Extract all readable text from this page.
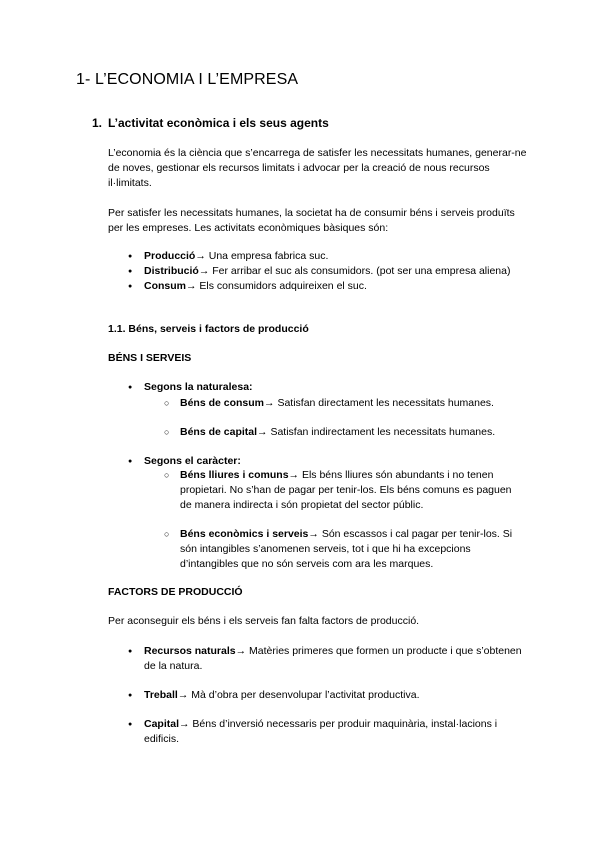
1- L’ECONOMIA I L’EMPRESA
1. L’activitat econòmica i els seus agents

L’economia és la ciència que s’encarrega de satisfer les necessitats humanes, generar-ne de noves, gestionar els recursos limitats i advocar per la creació de nous recursos il·limitats.

Per satisfer les necessitats humanes, la societat ha de consumir béns i serveis produïts per les empreses. Les activitats econòmiques bàsiques són:

● Producció→ Una empresa fabrica suc.
● Distribució→ Fer arribar el suc als consumidors. (pot ser una empresa aliena)
● Consum→ Els consumidors adquireixen el suc.

1.1. Béns, serveis i factors de producció

BÉNS I SERVEIS

● Segons la naturalesa:
○ Béns de consum→ Satisfan directament les necessitats humanes.
○ Béns de capital→ Satisfan indirectament les necessitats humanes.
● Segons el caràcter:
○ Béns lliures i comuns→ Els béns lliures són abundants i no tenen propietari. No s’han de pagar per tenir-los. Els béns comuns es paguen de manera indirecta i són propietat del sector públic.
○ Béns econòmics i serveis→ Són escassos i cal pagar per tenir-los. Si són intangibles s’anomenen serveis, tot i que hi ha excepcions d’intangibles que no són serveis com ara les marques.

FACTORS DE PRODUCCIÓ

Per aconseguir els béns i els serveis fan falta factors de producció.

● Recursos naturals→ Matèries primeres que formen un producte i que s’obtenen de la natura.
● Treball→ Mà d’obra per desenvolupar l’activitat productiva.
● Capital→ Béns d’inversió necessaris per produir maquinària, instal·lacions i edificis.
